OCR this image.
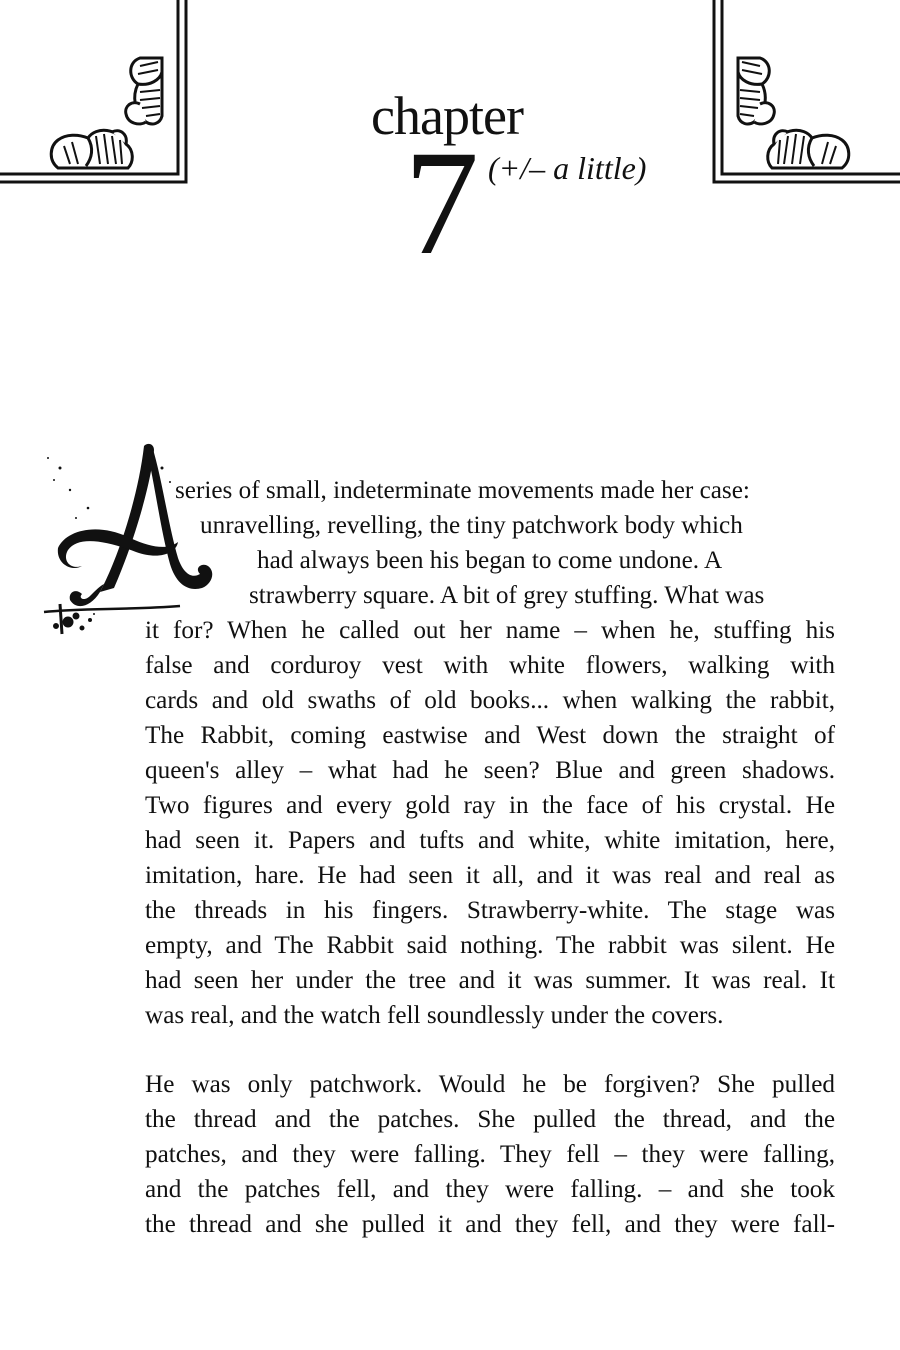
chapter
7 (+/– a little)
series of small, indeterminate movements made her case:
unravelling, revelling, the tiny patchwork body which
had always been his began to come undone. A
strawberry square. A bit of grey stuffing. What was
it for? When he called out her name – when he, stuffing his
false and corduroy vest with white flowers, walking with
cards and old swaths of old books... when walking the rabbit,
The Rabbit, coming eastwise and West down the straight of
queen's alley – what had he seen? Blue and green shadows.
Two figures and every gold ray in the face of his crystal. He
had seen it. Papers and tufts and white, white imitation, here,
imitation, hare. He had seen it all, and it was real and real as
the threads in his fingers. Strawberry-white. The stage was
empty, and The Rabbit said nothing. The rabbit was silent. He
had seen her under the tree and it was summer. It was real. It
was real, and the watch fell soundlessly under the covers.
He was only patchwork. Would he be forgiven? She pulled
the thread and the patches. She pulled the thread, and the
patches, and they were falling. They fell – they were falling,
and the patches fell, and they were falling. – and she took
the thread and she pulled it and they fell, and they were fall-
